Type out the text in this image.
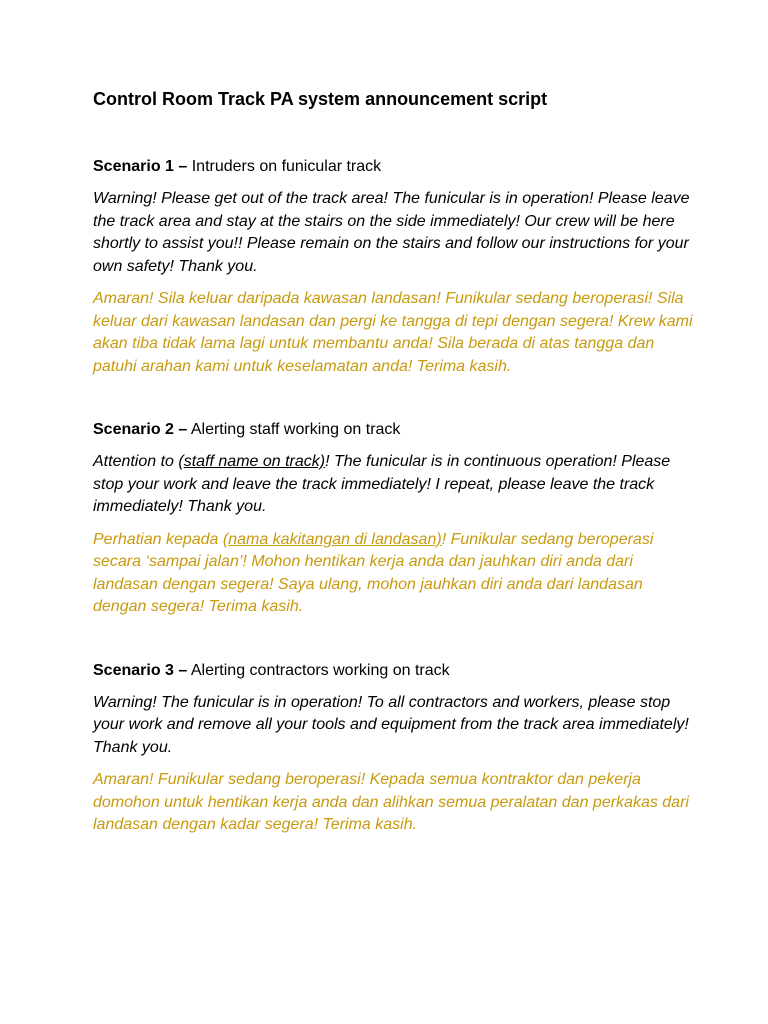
Control Room Track PA system announcement script
Scenario 1 – Intruders on funicular track
Warning! Please get out of the track area! The funicular is in operation! Please leave the track area and stay at the stairs on the side immediately! Our crew will be here shortly to assist you!! Please remain on the stairs and follow our instructions for your own safety! Thank you.
Amaran! Sila keluar daripada kawasan landasan! Funikular sedang beroperasi! Sila keluar dari kawasan landasan dan pergi ke tangga di tepi dengan segera! Krew kami akan tiba tidak lama lagi untuk membantu anda! Sila berada di atas tangga dan patuhi arahan kami untuk keselamatan anda! Terima kasih.
Scenario 2 – Alerting staff working on track
Attention to (staff name on track)! The funicular is in continuous operation! Please stop your work and leave the track immediately! I repeat, please leave the track immediately! Thank you.
Perhatian kepada (nama kakitangan di landasan)! Funikular sedang beroperasi secara ‘sampai jalan’! Mohon hentikan kerja anda dan jauhkan diri anda dari landasan dengan segera! Saya ulang, mohon jauhkan diri anda dari landasan dengan segera! Terima kasih.
Scenario 3 – Alerting contractors working on track
Warning! The funicular is in operation! To all contractors and workers, please stop your work and remove all your tools and equipment from the track area immediately! Thank you.
Amaran! Funikular sedang beroperasi! Kepada semua kontraktor dan pekerja domohon untuk hentikan kerja anda dan alihkan semua peralatan dan perkakas dari landasan dengan kadar segera! Terima kasih.
